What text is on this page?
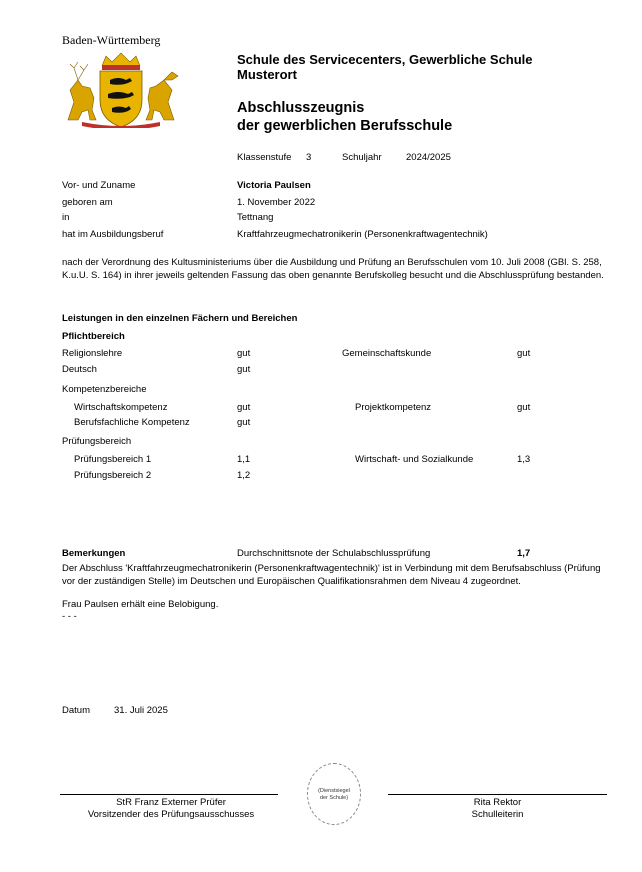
Baden-Württemberg
Schule des Servicecenters, Gewerbliche Schule
Musterort
Abschlusszeugnis
der gewerblichen Berufsschule
Klassenstufe 3	Schuljahr	2024/2025
Vor- und Zuname	Victoria Paulsen
geboren am	1. November 2022
in	Tettnang
hat im Ausbildungsberuf	Kraftfahrzeugmechatronikerin (Personenkraftwagentechnik)
nach der Verordnung des Kultusministeriums über die Ausbildung und Prüfung an Berufsschulen vom 10. Juli 2008 (GBl. S. 258, K.u.U. S. 164) in ihrer jeweils geltenden Fassung das oben genannte Berufskolleg besucht und die Abschlussprüfung bestanden.
Leistungen in den einzelnen Fächern und Bereichen
Pflichtbereich
Religionslehre	gut	Gemeinschaftskunde	gut
Deutsch	gut
Kompetenzbereiche
Wirtschaftskompetenz	gut	Projektkompetenz	gut
Berufsfachliche Kompetenz	gut
Prüfungsbereich
Prüfungsbereich 1	1,1	Wirtschaft- und Sozialkunde	1,3
Prüfungsbereich 2	1,2
Bemerkungen	Durchschnittsnote der Schulabschlussprüfung	1,7
Der Abschluss 'Kraftfahrzeugmechatronikerin (Personenkraftwagentechnik)' ist in Verbindung mit dem Berufsabschluss (Prüfung vor der zuständigen Stelle) im Deutschen und Europäischen Qualifikationsrahmen dem Niveau 4 zugeordnet.
Frau Paulsen erhält eine Belobigung.
- - -
Datum	31. Juli 2025
StR Franz Externer Prüfer
Vorsitzender des Prüfungsausschusses
(Dienstsiegel
der Schule)	Rita Rektor
Schulleiterin
